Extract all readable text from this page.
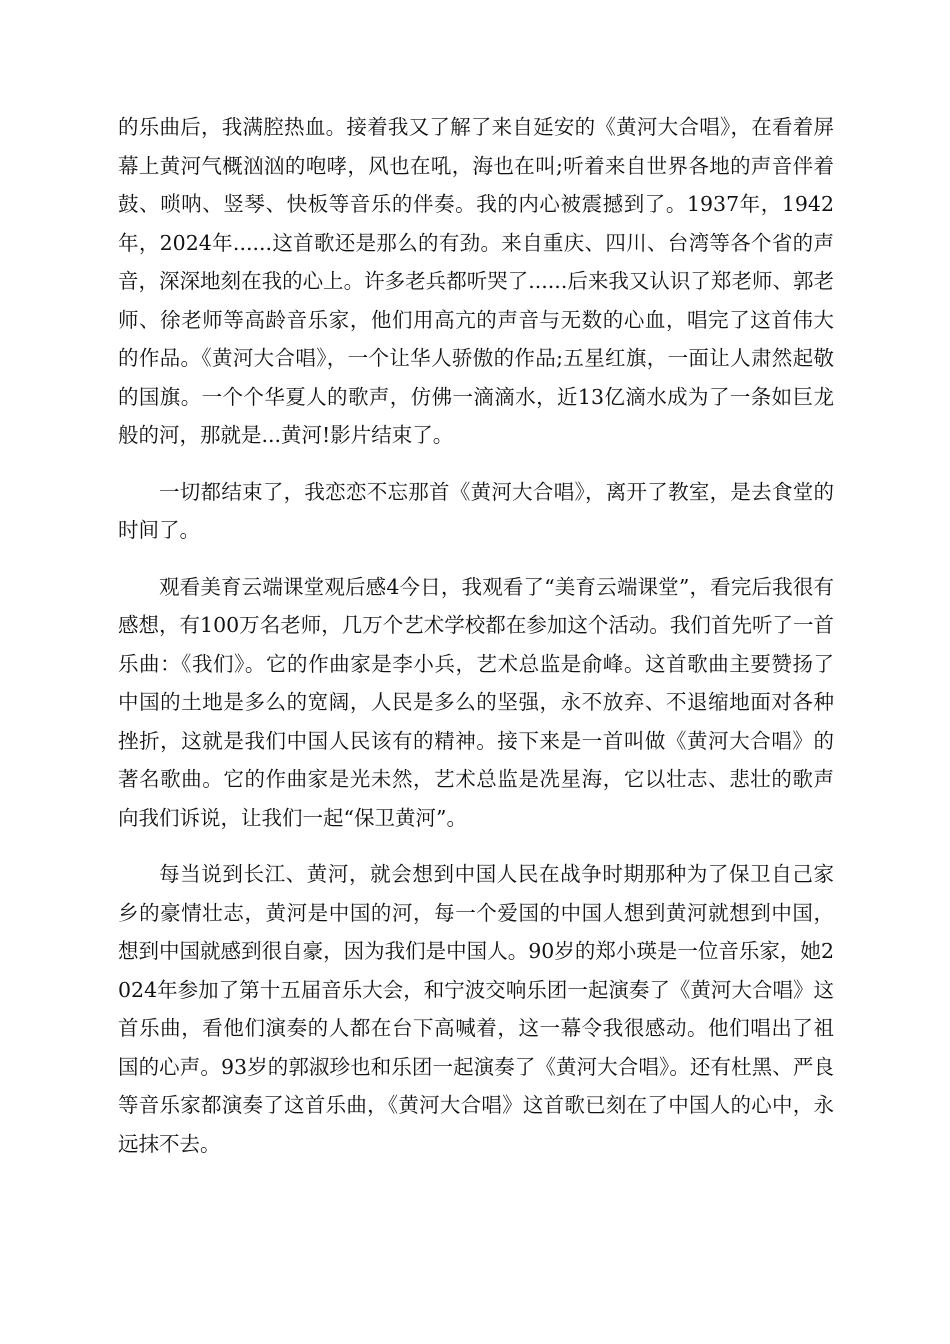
的乐曲后，我满腔热血。接着我又了解了来自延安的《黄河大合唱》，在看着屏幕上黄河气概汹汹的咆哮，风也在吼，海也在叫;听着来自世界各地的声音伴着鼓、唢呐、竖琴、快板等音乐的伴奏。我的内心被震撼到了。1937年，1942年，2024年......这首歌还是那么的有劲。来自重庆、四川、台湾等各个省的声音，深深地刻在我的心上。许多老兵都听哭了......后来我又认识了郑老师、郭老师、徐老师等高龄音乐家，他们用高亢的声音与无数的心血，唱完了这首伟大的作品。《黄河大合唱》，一个让华人骄傲的作品;五星红旗，一面让人肃然起敬的国旗。一个个华夏人的歌声，仿佛一滴滴水，近13亿滴水成为了一条如巨龙般的河，那就是...黄河!影片结束了。

一切都结束了，我恋恋不忘那首《黄河大合唱》，离开了教室，是去食堂的时间了。

观看美育云端课堂观后感4今日，我观看了“美育云端课堂”，看完后我很有感想，有100万名老师，几万个艺术学校都在参加这个活动。我们首先听了一首乐曲：《我们》。它的作曲家是李小兵，艺术总监是俞峰。这首歌曲主要赞扬了中国的土地是多么的宽阔，人民是多么的坚强，永不放弃、不退缩地面对各种挫折，这就是我们中国人民该有的精神。接下来是一首叫做《黄河大合唱》的著名歌曲。它的作曲家是光未然，艺术总监是冼星海，它以壮志、悲壮的歌声向我们诉说，让我们一起“保卫黄河”。

每当说到长江、黄河，就会想到中国人民在战争时期那种为了保卫自己家乡的豪情壮志，黄河是中国的河，每一个爱国的中国人想到黄河就想到中国，想到中国就感到很自豪，因为我们是中国人。90岁的郑小瑛是一位音乐家，她2024年参加了第十五届音乐大会，和宁波交响乐团一起演奏了《黄河大合唱》这首乐曲，看他们演奏的人都在台下高喊着，这一幕令我很感动。他们唱出了祖国的心声。93岁的郭淑珍也和乐团一起演奏了《黄河大合唱》。还有杜黑、严良等音乐家都演奏了这首乐曲，《黄河大合唱》这首歌已刻在了中国人的心中，永远抹不去。
